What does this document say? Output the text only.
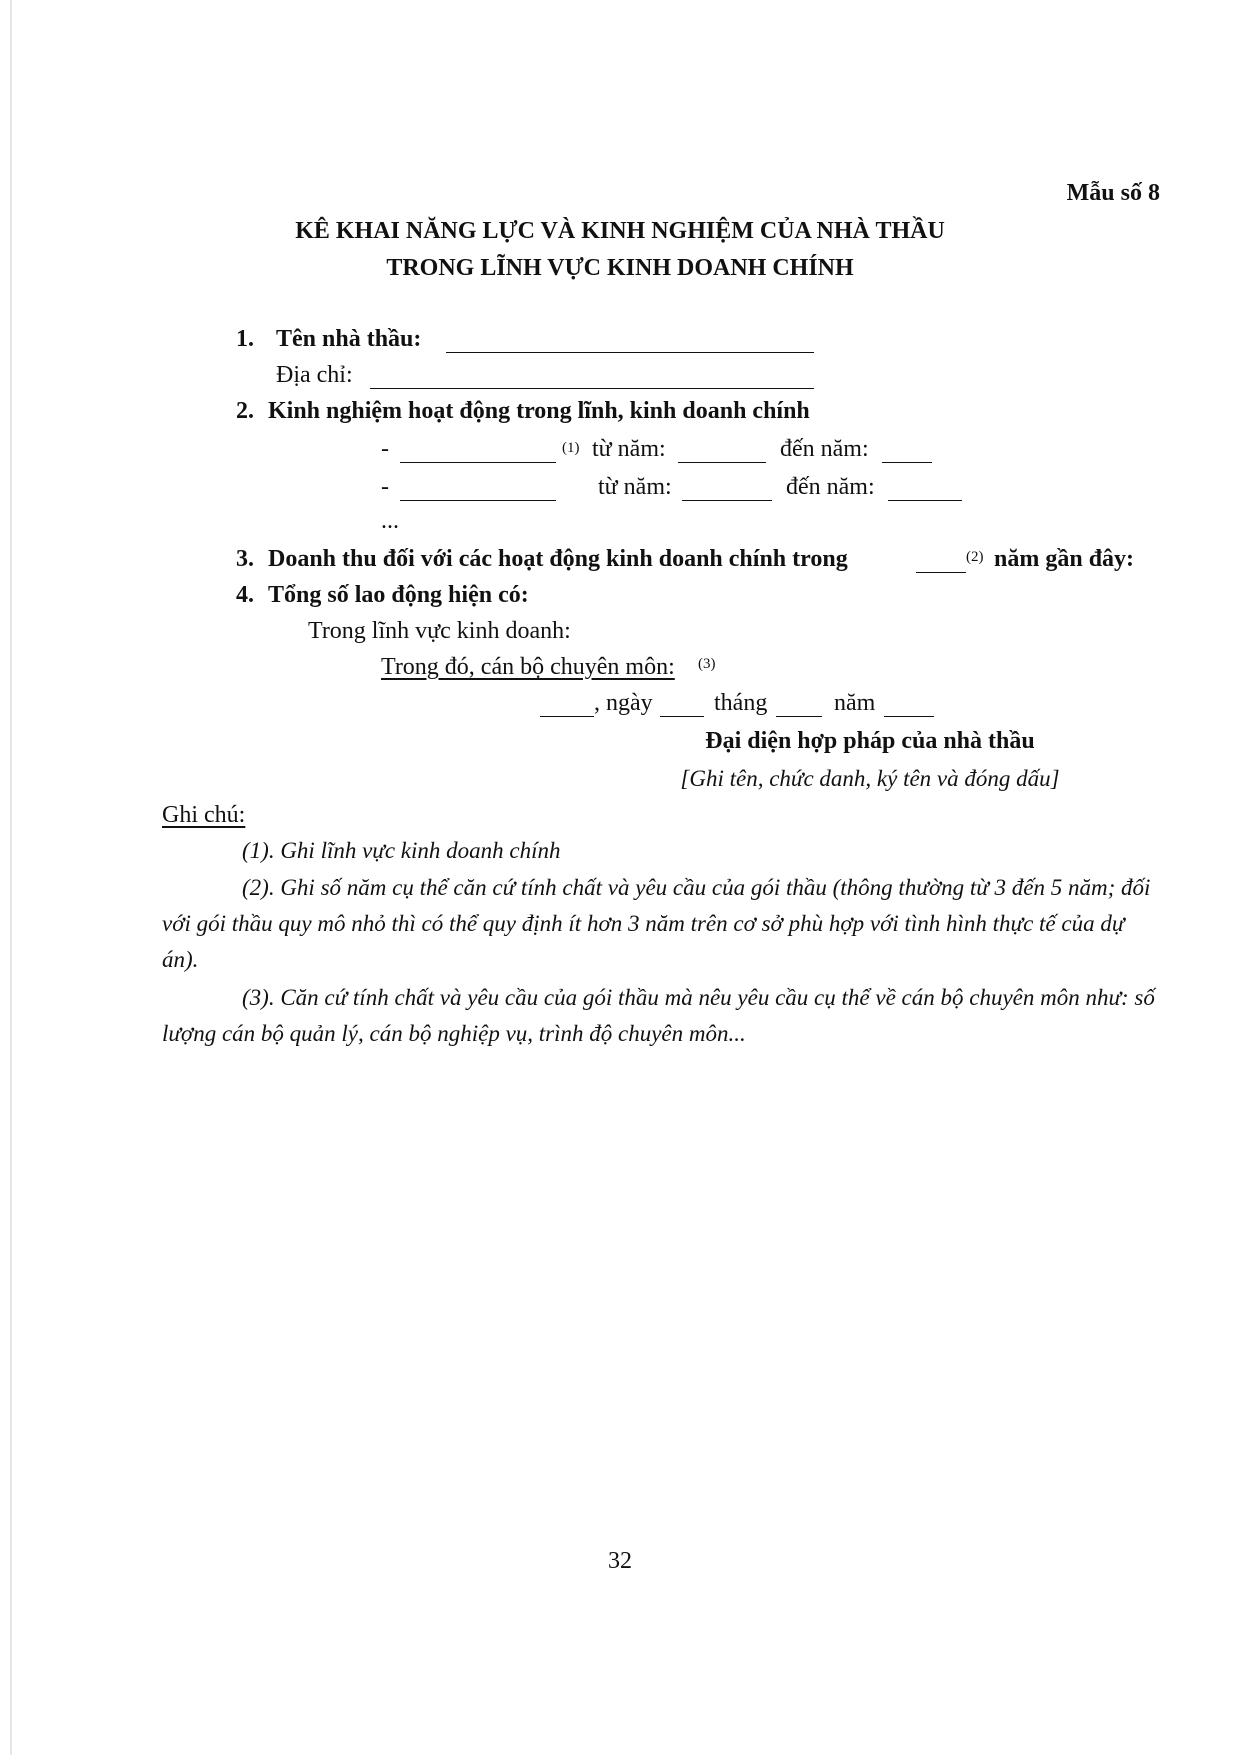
Mẫu số 8
KÊ KHAI NĂNG LỰC VÀ KINH NGHIỆM CỦA NHÀ THẦU
TRONG LĨNH VỰC KINH DOANH CHÍNH
1. Tên nhà thầu:
Địa chỉ:
2. Kinh nghiệm hoạt động trong lĩnh, kinh doanh chính
-	(1) từ năm:	đến năm:
-	từ năm:	đến năm:
...
3. Doanh thu đối với các hoạt động kinh doanh chính trong	(2) năm gần đây:
4. Tổng số lao động hiện có:
Trong lĩnh vực kinh doanh:
Trong đó, cán bộ chuyên môn: (3)
, ngày	tháng	năm
Đại diện hợp pháp của nhà thầu
[Ghi tên, chức danh, ký tên và đóng dấu]
Ghi chú:
(1). Ghi lĩnh vực kinh doanh chính
(2). Ghi số năm cụ thể căn cứ tính chất và yêu cầu của gói thầu (thông thường từ 3 đến 5 năm; đối với gói thầu quy mô nhỏ thì có thể quy định ít hơn 3 năm trên cơ sở phù hợp với tình hình thực tế của dự án).
(3). Căn cứ tính chất và yêu cầu của gói thầu mà nêu yêu cầu cụ thể về cán bộ chuyên môn như: số lượng cán bộ quản lý, cán bộ nghiệp vụ, trình độ chuyên môn...
32
